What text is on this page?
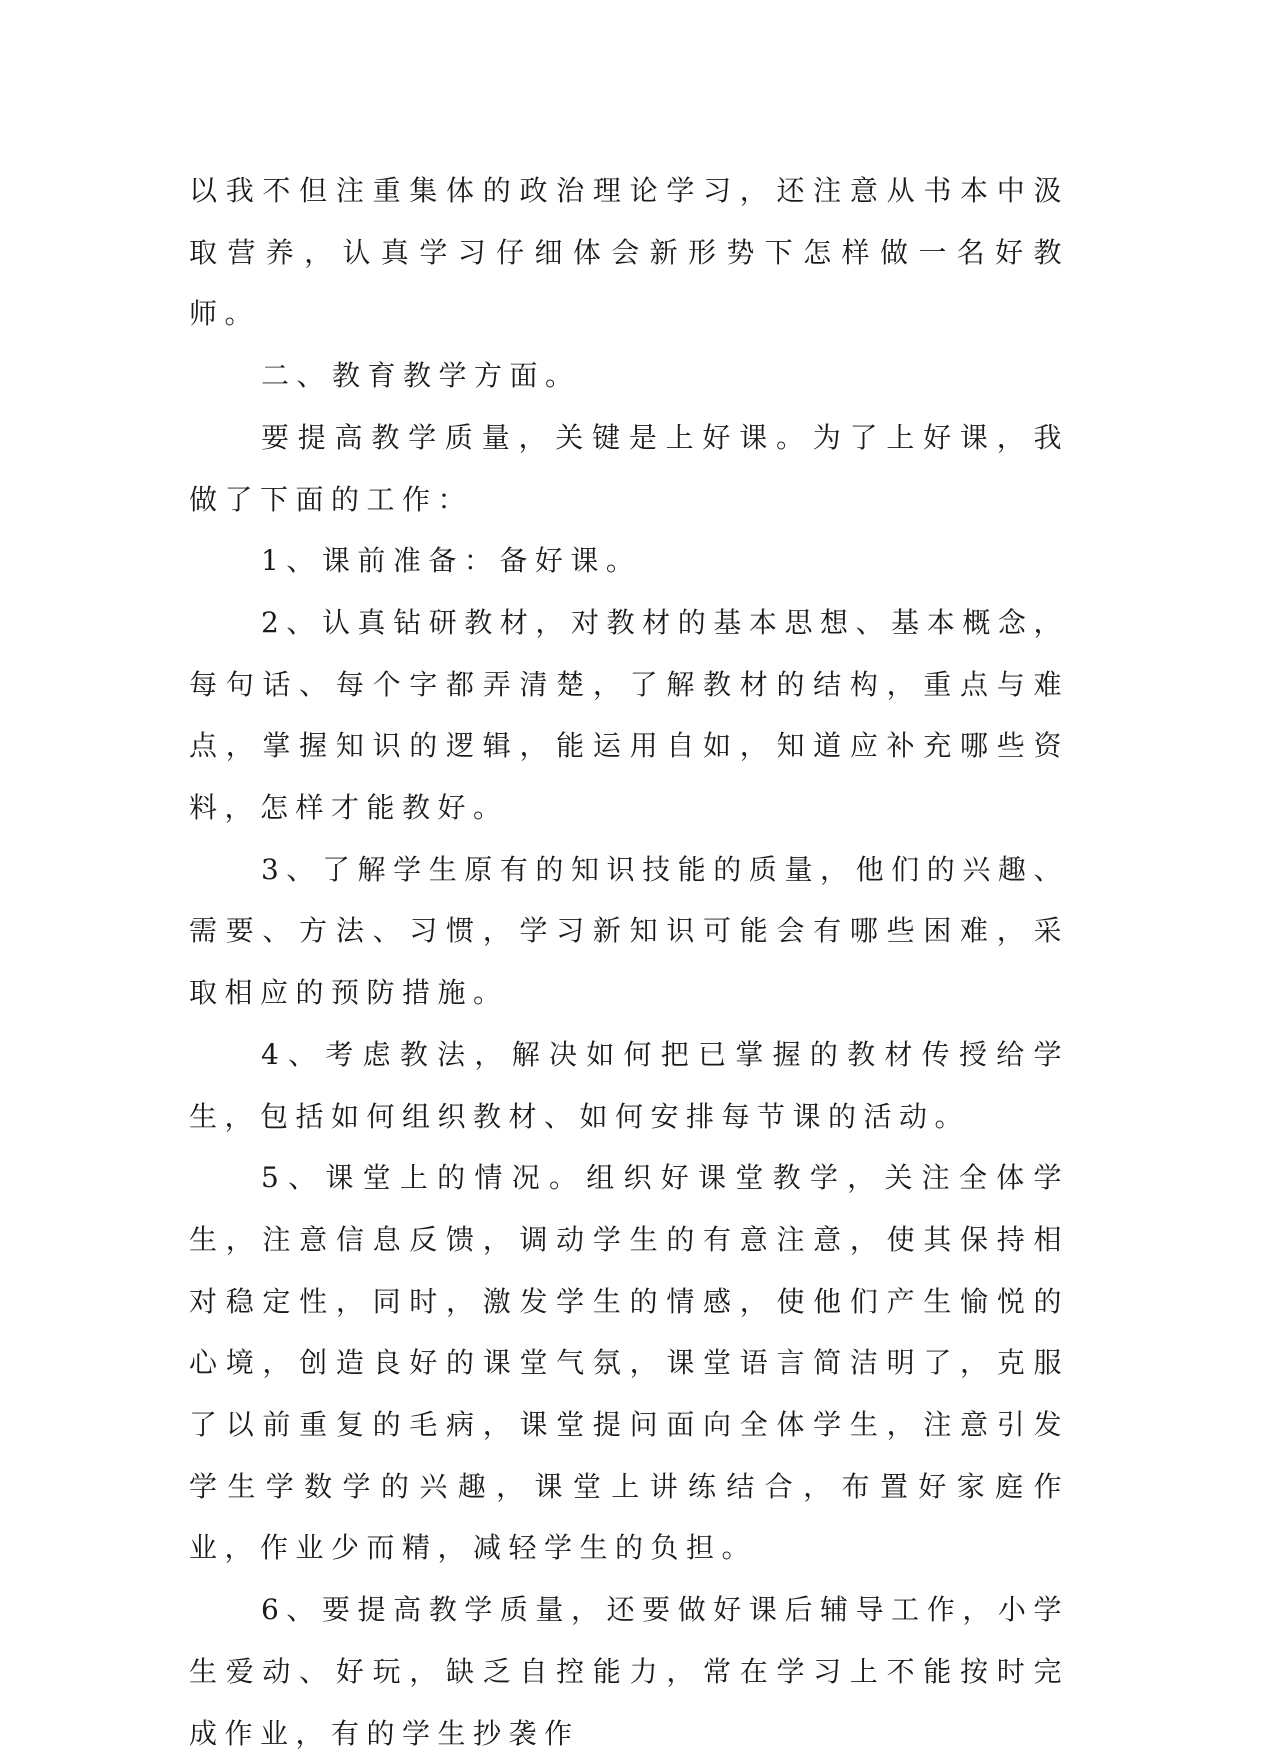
以我不但注重集体的政治理论学习，还注意从书本中汲取营养，认真学习仔细体会新形势下怎样做一名好教师。

二、教育教学方面。

要提高教学质量，关键是上好课。为了上好课，我做了下面的工作：

1、课前准备：备好课。

2、认真钻研教材，对教材的基本思想、基本概念，每句话、每个字都弄清楚，了解教材的结构，重点与难点，掌握知识的逻辑，能运用自如，知道应补充哪些资料，怎样才能教好。

3、了解学生原有的知识技能的质量，他们的兴趣、需要、方法、习惯，学习新知识可能会有哪些困难，采取相应的预防措施。

4、考虑教法，解决如何把已掌握的教材传授给学生，包括如何组织教材、如何安排每节课的活动。

5、课堂上的情况。组织好课堂教学，关注全体学生，注意信息反馈，调动学生的有意注意，使其保持相对稳定性，同时，激发学生的情感，使他们产生愉悦的心境，创造良好的课堂气氛，课堂语言简洁明了，克服了以前重复的毛病，课堂提问面向全体学生，注意引发学生学数学的兴趣，课堂上讲练结合，布置好家庭作业，作业少而精，减轻学生的负担。

6、要提高教学质量，还要做好课后辅导工作，小学生爱动、好玩，缺乏自控能力，常在学习上不能按时完成作业，有的学生抄袭作
